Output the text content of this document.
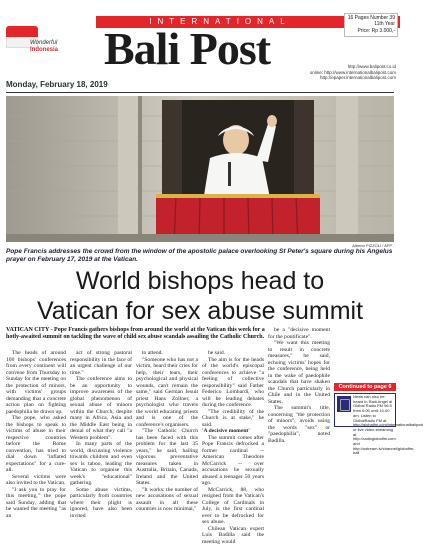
INTERNATIONAL	16 Pages Number 39
11th Year
Price: Rp 3.000,-
Wonderful
Indonesia Bali Post	http://www.balipost.co.id
online: http://www.internationalbalipost.com
http://epaper.internationalbalipost.com
Monday, February 18, 2019
Alberto PIZZOLI / AFP
Pope Francis addresses the crowd from the window of the apostolic palace overlooking St Peter's square during his Angelus prayer on February 17, 2019 at the Vatican.
World bishops head to
Vatican for sex abuse summit
VATICAN CITY - Pope Francis gathers bishops from around the world at the Vatican this week for a hotly-awaited summit on tackling the wave of child sex abuse scandals assailing the Catholic Church.

The heads of around 100 bishops' conferences from every continent will convene from Thursday to Sunday for the meeting on the protection of minors, with victims' groups demanding that a concrete action plan on fighting paedophilia be drawn up.

The pope, who asked the bishops to speak to victims of abuse in their respective countries before the Rome convention, has tried to dial down "inflated expectations" for a cure-all.

Several victims were also invited to the Vatican.

"I ask you to pray for this meeting," the pope said Sunday, adding that he wanted the meeting "as an

act of strong pastoral responsibility in the face of an urgent challenge of our time."

The conference aims to be an opportunity to improve awareness of the global phenomenon of sexual abuse of minors within the Church, despite many in Africa, Asia and the Middle East being in denial of what they call "a Western problem".

In many parts of the world, discussing violence towards children and even sex is taboo, leading the Vatican to organise this week's "educational" gathering.

Some abuse victims, particularly from countries where their plight is ignored, have also been invited

to attend.

"Someone who has not a victim, heard their cries for help, their tears, their psychological and physical wounds, can't remain the same," said German Jesuit priest Hans Zollner, a psychologist who travels the world educating priests and is one of the conference's organisers.

"The Catholic Church has been faced with this problem for the last 35 years," he said, hailing vigorous preventative measures taken in Australia, Britain, Canada, Ireland and the United States.

"It works: the number of new accusations of sexual assault in all these countries is now minimal,"

he said.

The aim is for the heads of the world's episcopal conferences to achieve "a feeling of collective responsibility" said Father Federico Lombardi, who will be leading debates during the conference.

"The credibility of the Church is at stake," he said.

'A decisive moment'

The summit comes after Pope Francis defrocked a former cardinal -- American Theodore McCarrick -- over accusations he sexually abused a teenager 50 years ago.

McCarrick, 88, who resigned from the Vatican's College of Cardinals in July, is the first cardinal ever to be defrocked for sex abuse.

Chilean Vatican expert Luis Badilla said the meeting would

be a "decisive moment for the pontificate".

"We want this meeting to result in concrete measures," he said, echoing victims' hopes for the conference, being held in the wake of paedophile scandals that have shaken the Church particularly in Chile and in the United States.

The summit's title, concerning "the protection of minors", avoids using the words "sex" or "paedophilia", noted Badilla.

Continued to page 6
News can also be heard in Radi Angel ai Global Radio FM 96.5 from 6.00 until 10.00 am. Listen to GlobalRadio FM at http://globalfm.com/internationalbalipost or live video streaming at http://radioglobalfm.com and http://ustream.tv/channel/globalfm-bali
